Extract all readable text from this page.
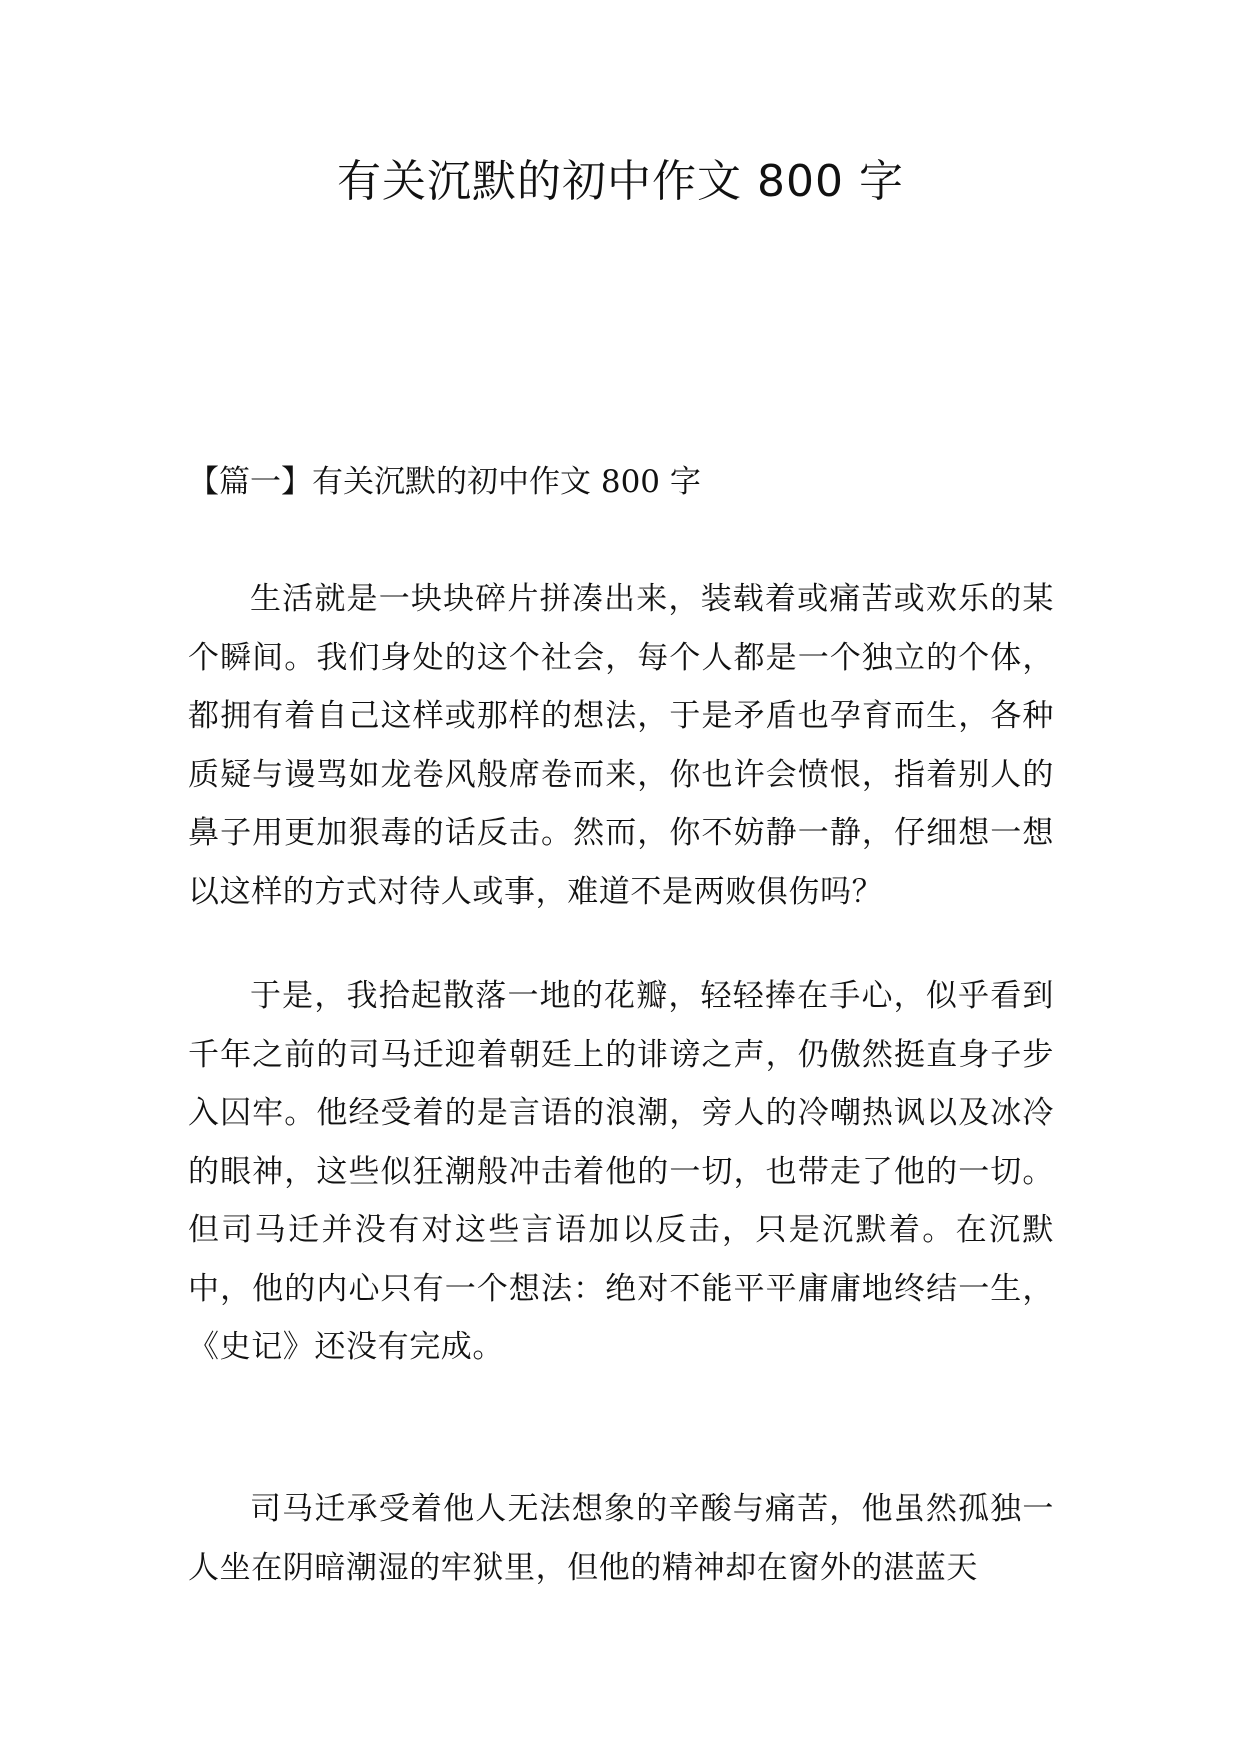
有关沉默的初中作文 800 字
【篇一】有关沉默的初中作文 800 字

生活就是一块块碎片拼凑出来，装载着或痛苦或欢乐的某个瞬间。我们身处的这个社会，每个人都是一个独立的个体，都拥有着自己这样或那样的想法，于是矛盾也孕育而生，各种质疑与谩骂如龙卷风般席卷而来，你也许会愤恨，指着别人的鼻子用更加狠毒的话反击。然而，你不妨静一静，仔细想一想以这样的方式对待人或事，难道不是两败俱伤吗？

于是，我拾起散落一地的花瓣，轻轻捧在手心，似乎看到千年之前的司马迁迎着朝廷上的诽谤之声，仍傲然挺直身子步入囚牢。他经受着的是言语的浪潮，旁人的冷嘲热讽以及冰冷的眼神，这些似狂潮般冲击着他的一切，也带走了他的一切。但司马迁并没有对这些言语加以反击，只是沉默着。在沉默中，他的内心只有一个想法：绝对不能平平庸庸地终结一生，《史记》还没有完成。

司马迁承受着他人无法想象的辛酸与痛苦，他虽然孤独一人坐在阴暗潮湿的牢狱里，但他的精神却在窗外的湛蓝天
